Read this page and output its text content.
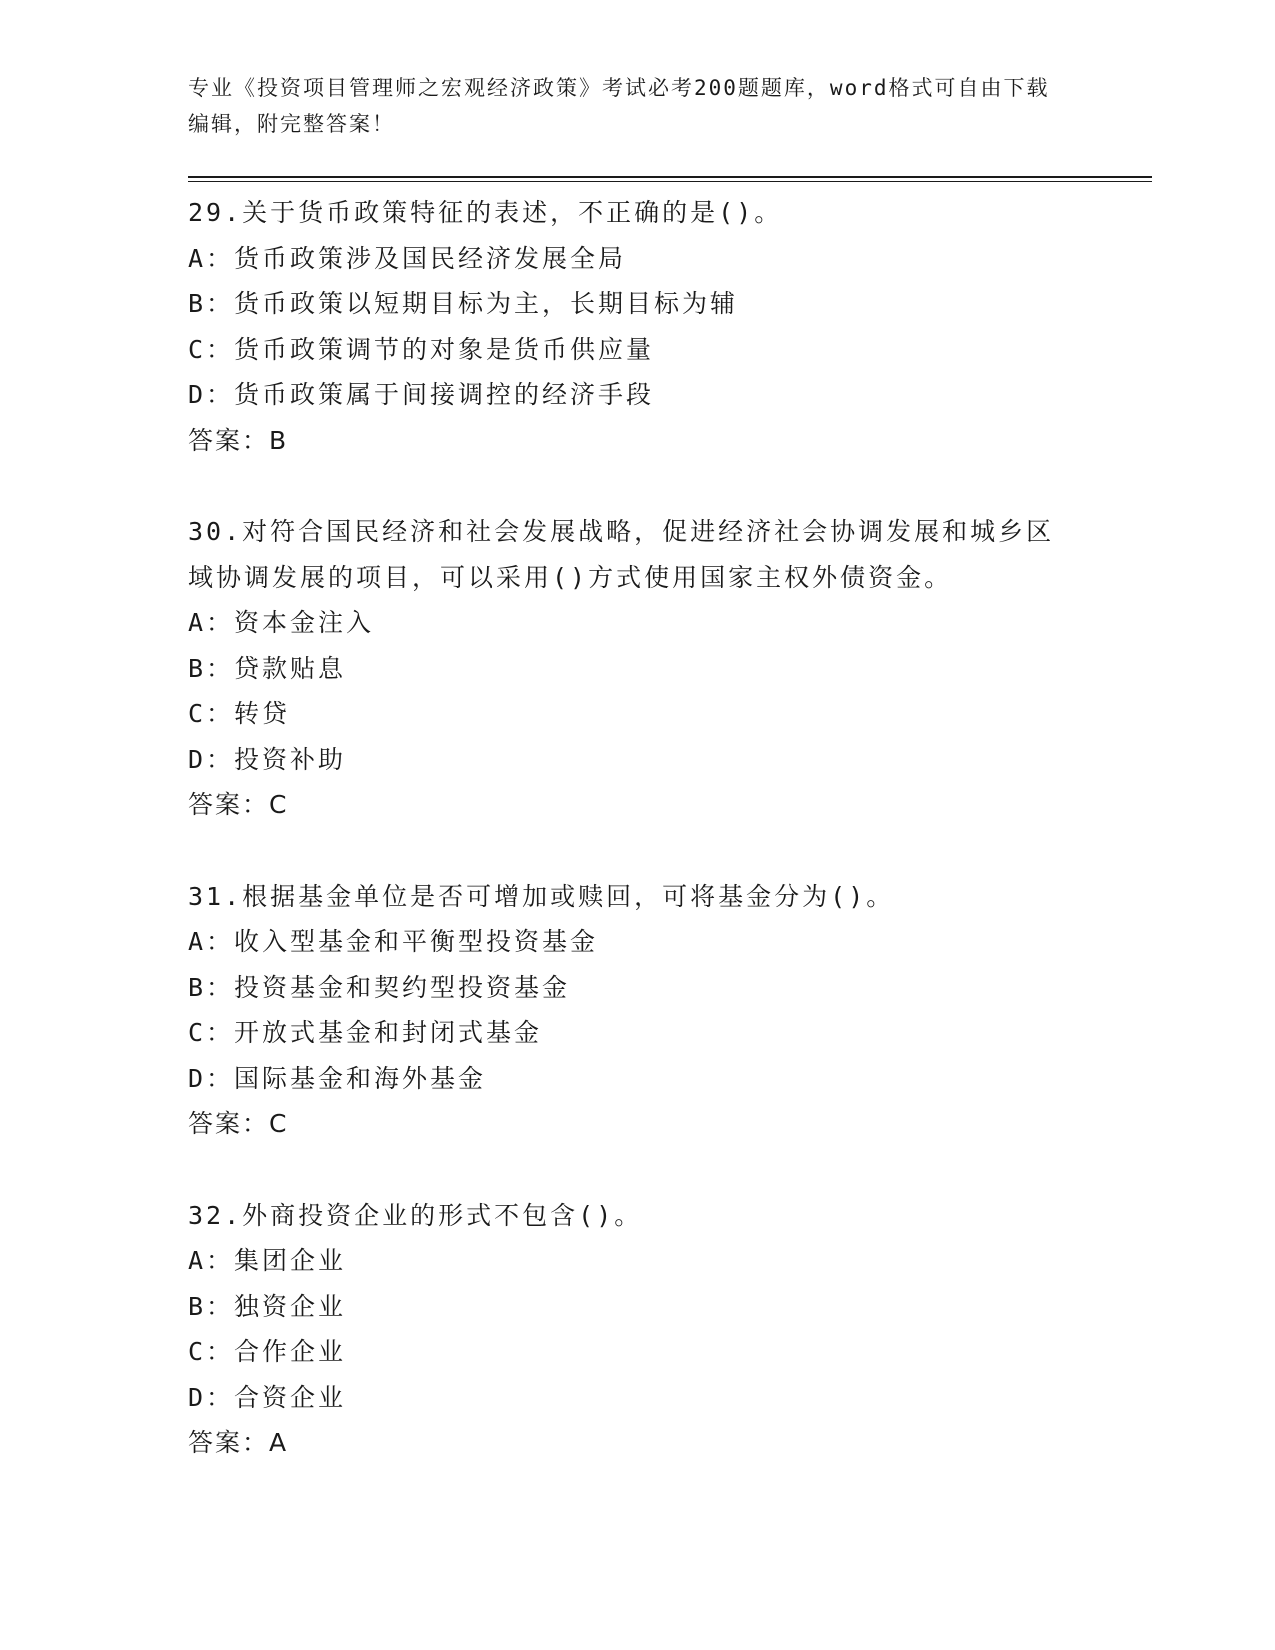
专业《投资项目管理师之宏观经济政策》考试必考200题题库，word格式可自由下载编辑，附完整答案！

29.关于货币政策特征的表述，不正确的是()。

A：货币政策涉及国民经济发展全局

B：货币政策以短期目标为主，长期目标为辅

C：货币政策调节的对象是货币供应量

D：货币政策属于间接调控的经济手段

答案：B

30.对符合国民经济和社会发展战略，促进经济社会协调发展和城乡区域协调发展的项目，可以采用()方式使用国家主权外债资金。

A：资本金注入

B：贷款贴息

C：转贷

D：投资补助

答案：C

31.根据基金单位是否可增加或赎回，可将基金分为()。

A：收入型基金和平衡型投资基金

B：投资基金和契约型投资基金

C：开放式基金和封闭式基金

D：国际基金和海外基金

答案：C

32.外商投资企业的形式不包含()。

A：集团企业

B：独资企业

C：合作企业

D：合资企业

答案：A
